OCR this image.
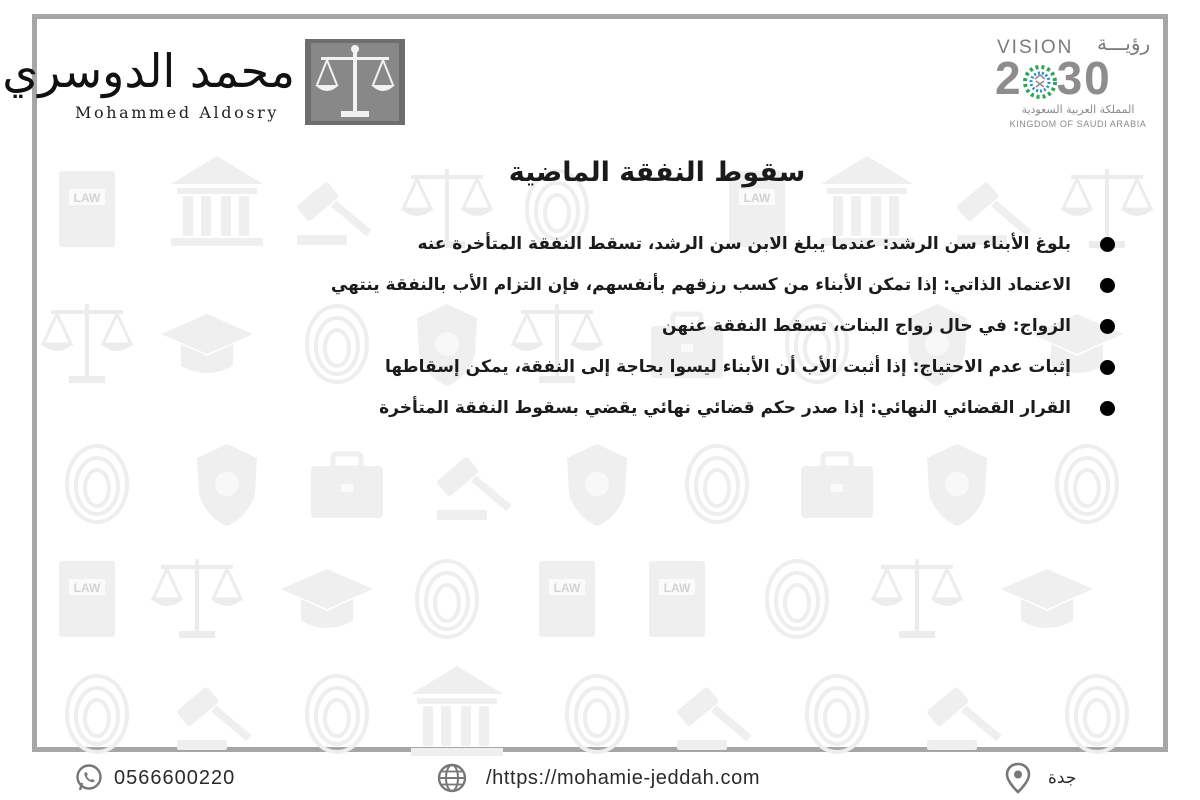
LAW
محمد الدوسري
Mohammed Aldosry
VISION رؤيـــة
2 30
المملكة العربية السعودية
KINGDOM OF SAUDI ARABIA
سقوط النفقة الماضية
بلوغ الأبناء سن الرشد: عندما يبلغ الابن سن الرشد، تسقط النفقة المتأخرة عنه
الاعتماد الذاتي: إذا تمكن الأبناء من كسب رزقهم بأنفسهم، فإن التزام الأب بالنفقة ينتهي
الزواج: في حال زواج البنات، تسقط النفقة عنهن
إثبات عدم الاحتياج: إذا أثبت الأب أن الأبناء ليسوا بحاجة إلى النفقة، يمكن إسقاطها
القرار القضائي النهائي: إذا صدر حكم قضائي نهائي يقضي بسقوط النفقة المتأخرة
0566600220	/https://mohamie-jeddah.com	جدة
